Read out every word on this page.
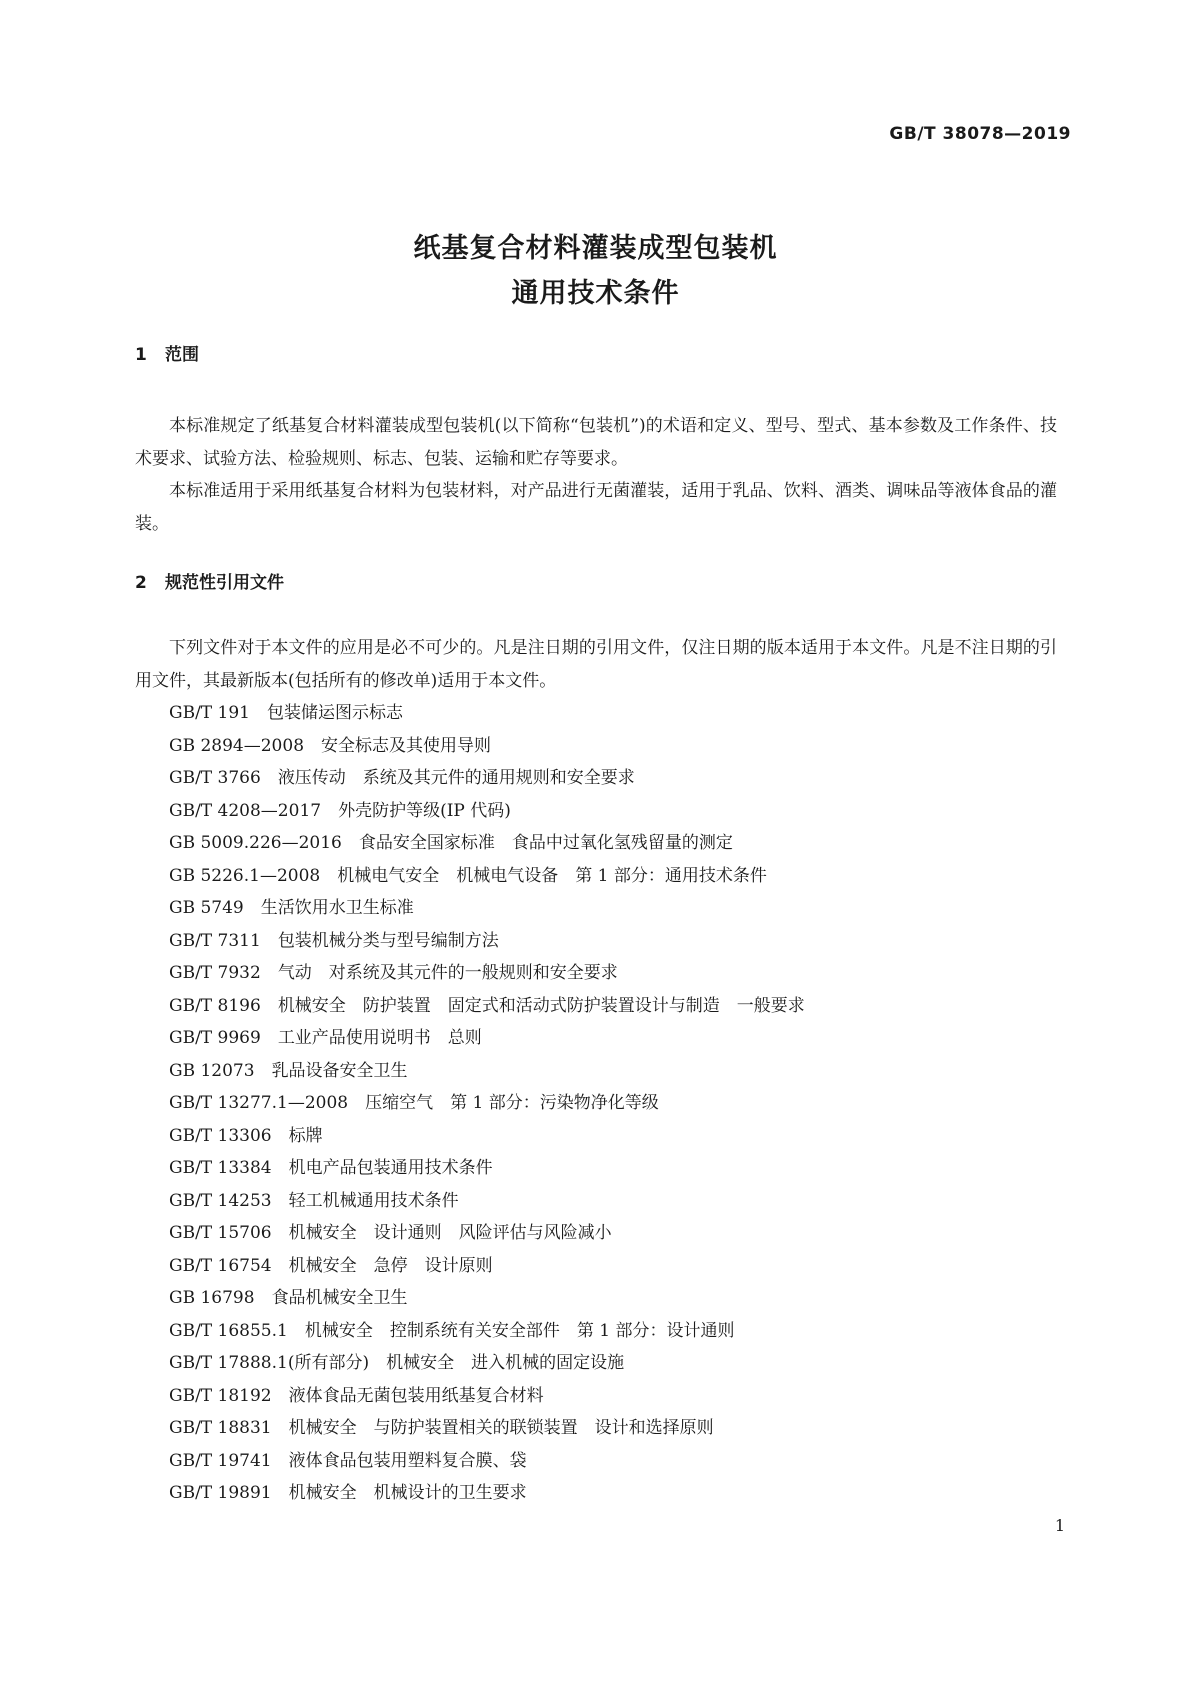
GB/T 38078—2019
纸基复合材料灌装成型包装机
通用技术条件
1 范围

本标准规定了纸基复合材料灌装成型包装机(以下简称“包装机”)的术语和定义、型号、型式、基本参数及工作条件、技术要求、试验方法、检验规则、标志、包装、运输和贮存等要求。

本标准适用于采用纸基复合材料为包装材料，对产品进行无菌灌装，适用于乳品、饮料、酒类、调味品等液体食品的灌装。

2 规范性引用文件

下列文件对于本文件的应用是必不可少的。凡是注日期的引用文件，仅注日期的版本适用于本文件。凡是不注日期的引用文件，其最新版本(包括所有的修改单)适用于本文件。

GB/T 191 包装储运图示标志
GB 2894—2008 安全标志及其使用导则
GB/T 3766 液压传动　系统及其元件的通用规则和安全要求
GB/T 4208—2017 外壳防护等级(IP 代码)
GB 5009.226—2016 食品安全国家标准　食品中过氧化氢残留量的测定
GB 5226.1—2008 机械电气安全　机械电气设备　第 1 部分：通用技术条件
GB 5749 生活饮用水卫生标准
GB/T 7311 包装机械分类与型号编制方法
GB/T 7932 气动　对系统及其元件的一般规则和安全要求
GB/T 8196 机械安全　防护装置　固定式和活动式防护装置设计与制造　一般要求
GB/T 9969 工业产品使用说明书　总则
GB 12073 乳品设备安全卫生
GB/T 13277.1—2008 压缩空气　第 1 部分：污染物净化等级
GB/T 13306 标牌
GB/T 13384 机电产品包装通用技术条件
GB/T 14253 轻工机械通用技术条件
GB/T 15706 机械安全　设计通则　风险评估与风险减小
GB/T 16754 机械安全　急停　设计原则
GB 16798 食品机械安全卫生
GB/T 16855.1 机械安全　控制系统有关安全部件　第 1 部分：设计通则
GB/T 17888.1(所有部分) 机械安全　进入机械的固定设施
GB/T 18192 液体食品无菌包装用纸基复合材料
GB/T 18831 机械安全　与防护装置相关的联锁装置　设计和选择原则
GB/T 19741 液体食品包装用塑料复合膜、袋
GB/T 19891 机械安全　机械设计的卫生要求
1
